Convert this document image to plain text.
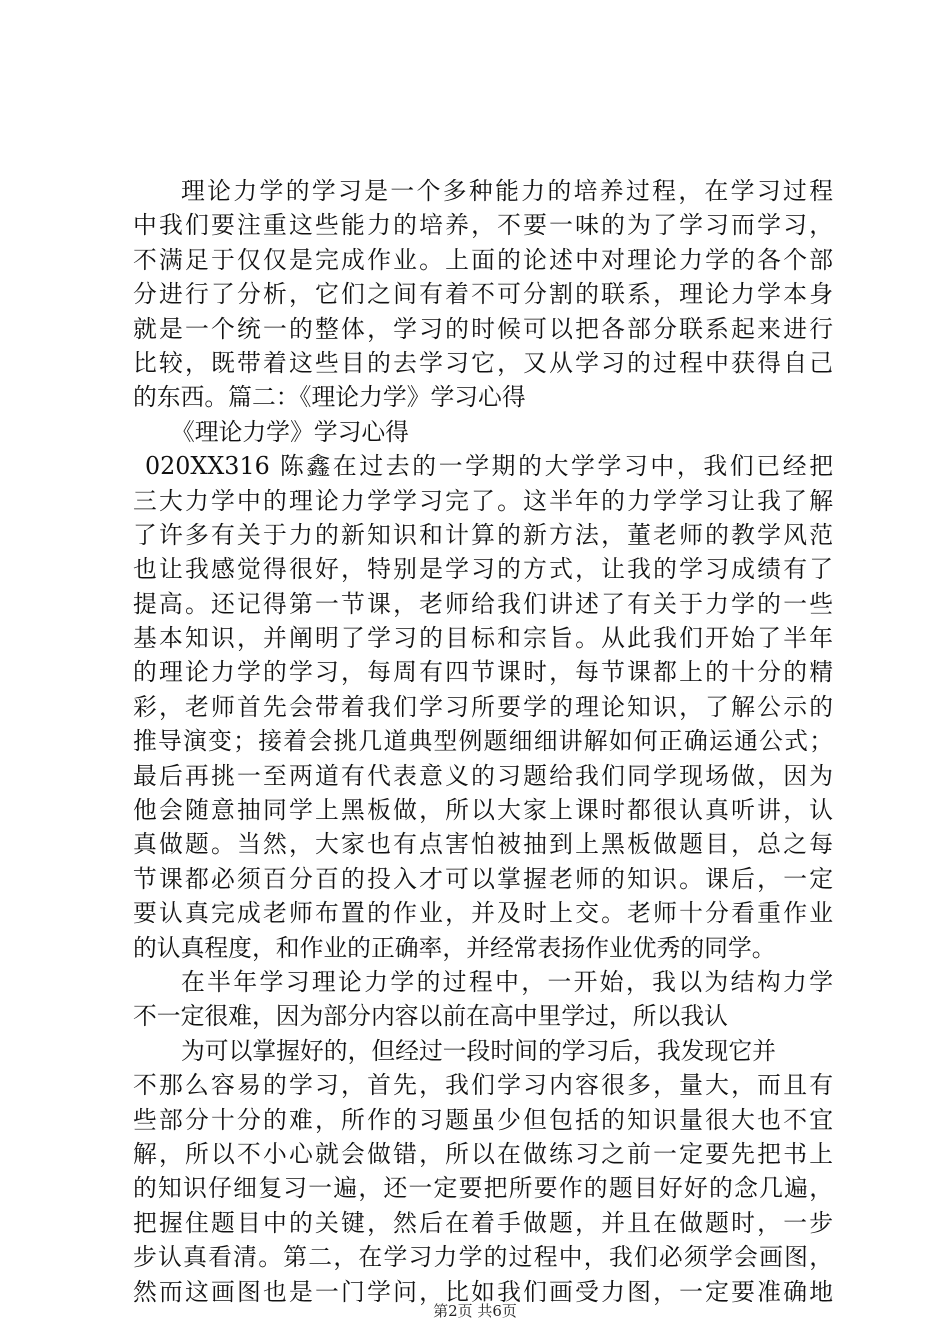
理论力学的学习是一个多种能力的培养过程，在学习过程
中我们要注重这些能力的培养，不要一味的为了学习而学习，
不满足于仅仅是完成作业。上面的论述中对理论力学的各个部
分进行了分析，它们之间有着不可分割的联系，理论力学本身
就是一个统一的整体，学习的时候可以把各部分联系起来进行
比较，既带着这些目的去学习它，又从学习的过程中获得自己
的东西。篇二：《理论力学》学习心得
《理论力学》学习心得
020XX316 陈鑫在过去的一学期的大学学习中，我们已经把
三大力学中的理论力学学习完了。这半年的力学学习让我了解
了许多有关于力的新知识和计算的新方法，董老师的教学风范
也让我感觉得很好，特别是学习的方式，让我的学习成绩有了
提高。还记得第一节课，老师给我们讲述了有关于力学的一些
基本知识，并阐明了学习的目标和宗旨。从此我们开始了半年
的理论力学的学习，每周有四节课时，每节课都上的十分的精
彩，老师首先会带着我们学习所要学的理论知识，了解公示的
推导演变；接着会挑几道典型例题细细讲解如何正确运通公式；
最后再挑一至两道有代表意义的习题给我们同学现场做，因为
他会随意抽同学上黑板做，所以大家上课时都很认真听讲，认
真做题。当然，大家也有点害怕被抽到上黑板做题目，总之每
节课都必须百分百的投入才可以掌握老师的知识。课后，一定
要认真完成老师布置的作业，并及时上交。老师十分看重作业
的认真程度，和作业的正确率，并经常表扬作业优秀的同学。
在半年学习理论力学的过程中，一开始，我以为结构力学
不一定很难，因为部分内容以前在高中里学过，所以我认
为可以掌握好的，但经过一段时间的学习后，我发现它并
不那么容易的学习，首先，我们学习内容很多，量大，而且有
些部分十分的难，所作的习题虽少但包括的知识量很大也不宜
解，所以不小心就会做错，所以在做练习之前一定要先把书上
的知识仔细复习一遍，还一定要把所要作的题目好好的念几遍，
把握住题目中的关键，然后在着手做题，并且在做题时，一步
步认真看清。第二，在学习力学的过程中，我们必须学会画图，
然而这画图也是一门学问，比如我们画受力图，一定要准确地
第2页 共6页
